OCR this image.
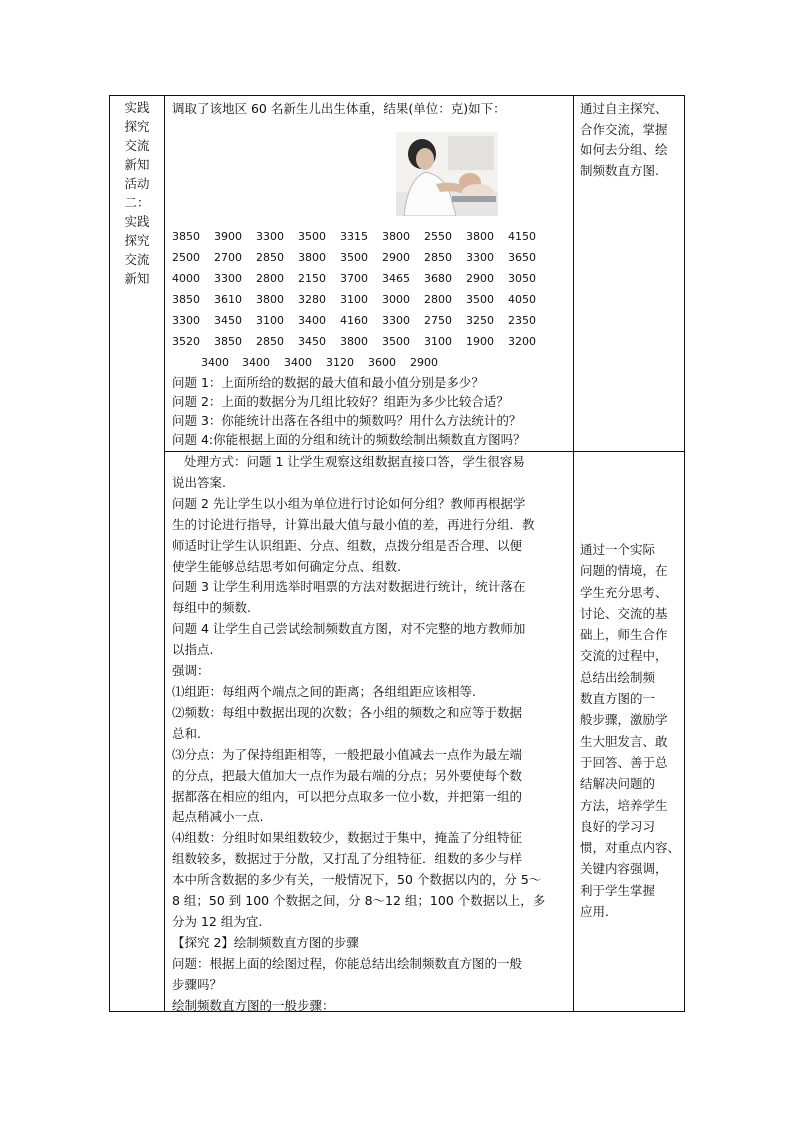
实践
探究
交流
新知
活动
二：
实践
探究
交流
新知
调取了该地区 60 名新生儿出生体重，结果(单位：克)如下：
3850 3900 3300 3500 3315 3800 2550 3800 4150
2500 2700 2850 3800 3500 2900 2850 3300 3650
4000 3300 2800 2150 3700 3465 3680 2900 3050
3850 3610 3800 3280 3100 3000 2800 3500 4050
3300 3450 3100 3400 4160 3300 2750 3250 2350
3520 3850 2850 3450 3800 3500 3100 1900 3200
3400 3400 3400 3120 3600 2900
问题 1：上面所给的数据的最大值和最小值分别是多少？
问题 2：上面的数据分为几组比较好？组距为多少比较合适？
问题 3：你能统计出落在各组中的频数吗？用什么方法统计的？
问题 4:你能根据上面的分组和统计的频数绘制出频数直方图吗？
通过自主探究、
合作交流，掌握
如何去分组、绘
制频数直方图.
处理方式：问题 1 让学生观察这组数据直接口答，学生很容易
说出答案.
问题 2 先让学生以小组为单位进行讨论如何分组？教师再根据学
生的讨论进行指导，计算出最大值与最小值的差，再进行分组．教
师适时让学生认识组距、分点、组数，点拨分组是否合理、以便
使学生能够总结思考如何确定分点、组数.
问题 3 让学生利用选举时唱票的方法对数据进行统计，统计落在
每组中的频数.
问题 4 让学生自己尝试绘制频数直方图，对不完整的地方教师加
以指点.
强调：
⑴组距：每组两个端点之间的距离；各组组距应该相等.
⑵频数：每组中数据出现的次数；各小组的频数之和应等于数据
总和.
⑶分点：为了保持组距相等，一般把最小值减去一点作为最左端
的分点，把最大值加大一点作为最右端的分点；另外要使每个数
据都落在相应的组内，可以把分点取多一位小数，并把第一组的
起点稍减小一点.
⑷组数：分组时如果组数较少，数据过于集中，掩盖了分组特征
组数较多，数据过于分散，又打乱了分组特征．组数的多少与样
本中所含数据的多少有关，一般情况下，50 个数据以内的，分 5～
8 组；50 到 100 个数据之间，分 8～12 组；100 个数据以上，多
分为 12 组为宜.
【探究 2】绘制频数直方图的步骤
问题：根据上面的绘图过程，你能总结出绘制频数直方图的一般
步骤吗？
绘制频数直方图的一般步骤：
通过一个实际
问题的情境，在
学生充分思考、
讨论、交流的基
础上，师生合作
交流的过程中，
总结出绘制频
数直方图的一
般步骤，激励学
生大胆发言、敢
于回答、善于总
结解决问题的
方法，培养学生
良好的学习习
惯，对重点内容、
关键内容强调，
利于学生掌握
应用.
